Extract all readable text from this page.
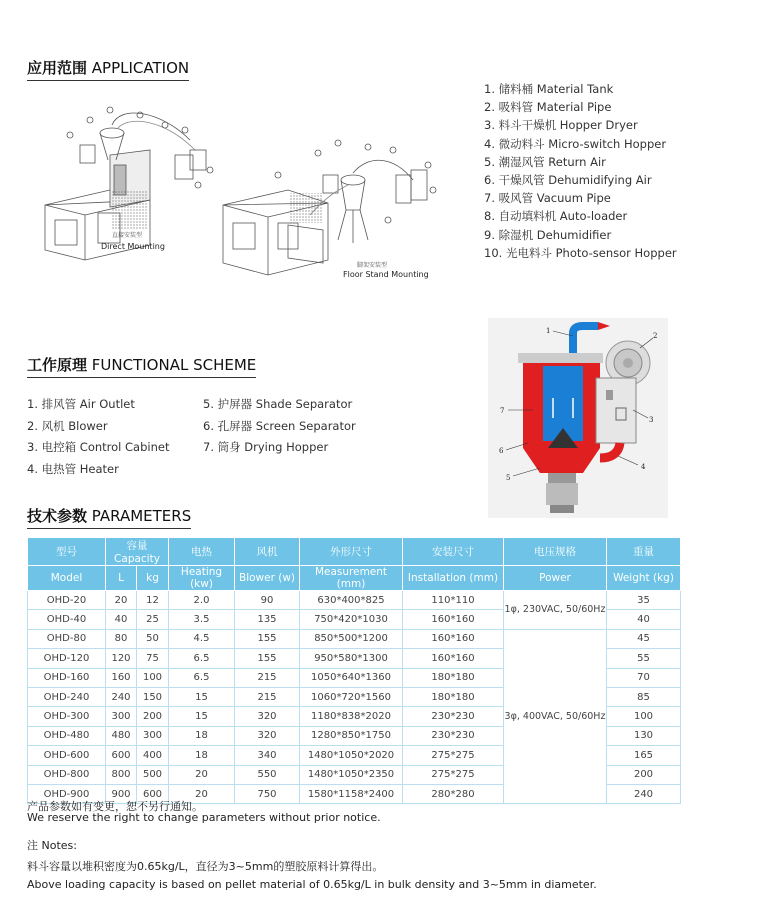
应用范围 APPLICATION
直接安装型
Direct Mounting
脚架安装型
Floor Stand Mounting
1. 储料桶 Material Tank
2. 吸料管 Material Pipe
3. 料斗干燥机 Hopper Dryer
4. 微动料斗 Micro-switch Hopper
5. 潮湿风管 Return Air
6. 干燥风管 Dehumidifying Air
7. 吸风管 Vacuum Pipe
8. 自动填料机 Auto-loader
9. 除湿机 Dehumidifier
10. 光电料斗 Photo-sensor Hopper
工作原理 FUNCTIONAL SCHEME
1. 排风管 Air Outlet
2. 风机 Blower
3. 电控箱 Control Cabinet
4. 电热管 Heater
5. 护屏器 Shade Separator
6. 孔屏器 Screen Separator
7. 筒身 Drying Hopper
1
2
3
4
5
6
7
技术参数 PARAMETERS
型号	容量 Capacity		电热	风机	外形尺寸	安装尺寸	电压规格	重量
Model	L	kg	Heating (kw)	Blower (w)	Measurement (mm)	Installation (mm)	Power	Weight (kg)
OHD-20	20	12	2.0	90	630*400*825	110*110	1φ, 230VAC, 50/60Hz	35
OHD-40	40	25	3.5	135	750*420*1030	160*160		40
OHD-80	80	50	4.5	155	850*500*1200	160*160	3φ, 400VAC, 50/60Hz	45
OHD-120	120	75	6.5	155	950*580*1300	160*160		55
OHD-160	160	100	6.5	215	1050*640*1360	180*180		70
OHD-240	240	150	15	215	1060*720*1560	180*180		85
OHD-300	300	200	15	320	1180*838*2020	230*230		100
OHD-480	480	300	18	320	1280*850*1750	230*230		130
OHD-600	600	400	18	340	1480*1050*2020	275*275		165
OHD-800	800	500	20	550	1480*1050*2350	275*275		200
OHD-900	900	600	20	750	1580*1158*2400	280*280		240
产品参数如有变更，恕不另行通知。
We reserve the right to change parameters without prior notice.
注 Notes:
料斗容量以堆积密度为0.65kg/L，直径为3~5mm的塑胶原料计算得出。
Above loading capacity is based on pellet material of 0.65kg/L in bulk density and 3~5mm in diameter.
